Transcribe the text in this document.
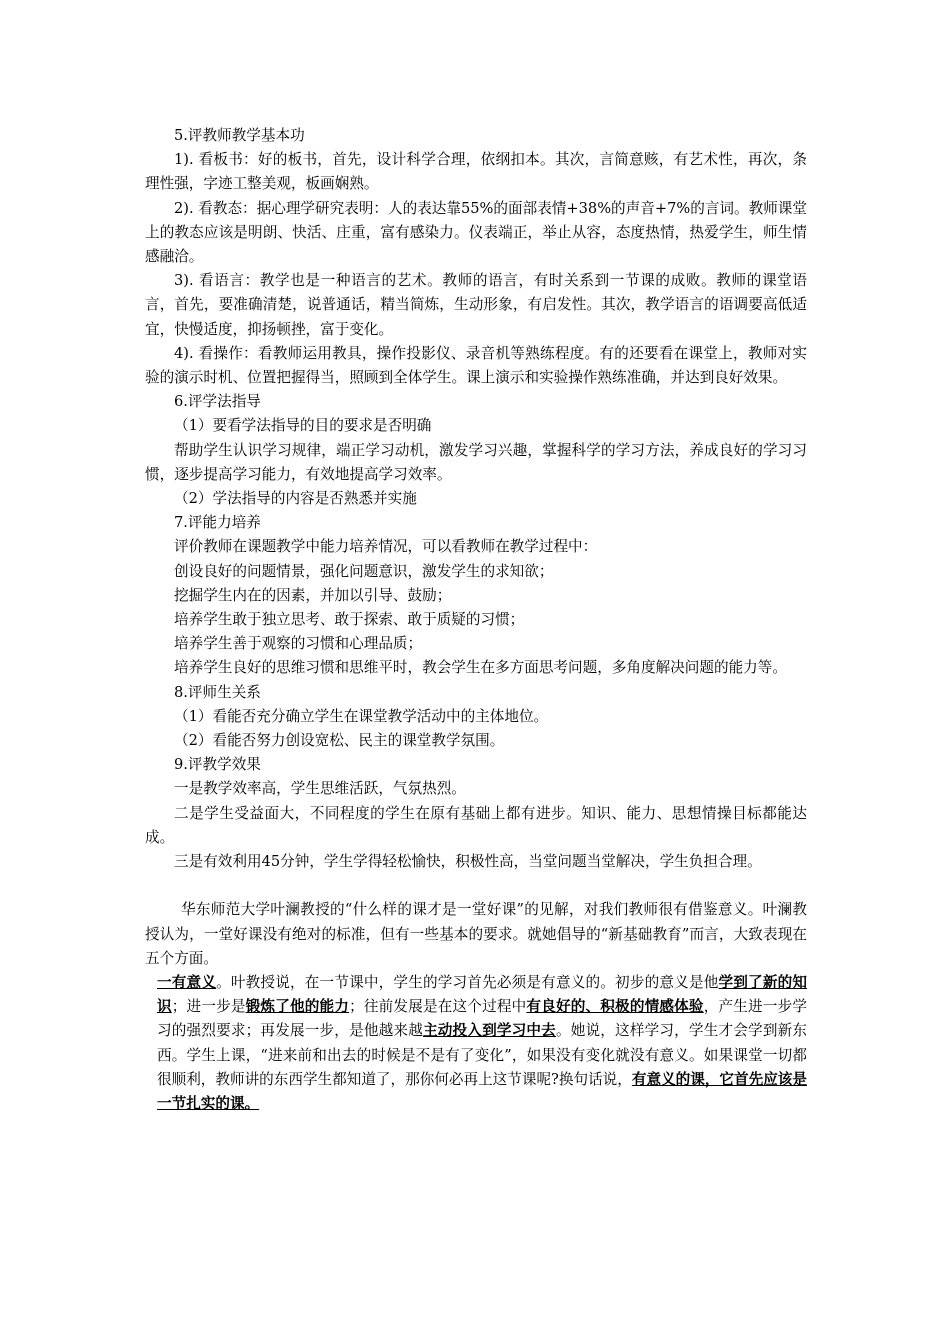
5.评教师教学基本功

1). 看板书：好的板书，首先，设计科学合理，依纲扣本。其次，言简意赅，有艺术性，再次，条理性强，字迹工整美观，板画娴熟。

2). 看教态：据心理学研究表明：人的表达靠55%的面部表情+38%的声音+7%的言词。教师课堂上的教态应该是明朗、快活、庄重，富有感染力。仪表端正，举止从容，态度热情，热爱学生，师生情感融洽。

3). 看语言：教学也是一种语言的艺术。教师的语言，有时关系到一节课的成败。教师的课堂语言，首先，要准确清楚，说普通话，精当简炼，生动形象，有启发性。其次，教学语言的语调要高低适宜，快慢适度，抑扬顿挫，富于变化。

4). 看操作：看教师运用教具，操作投影仪、录音机等熟练程度。有的还要看在课堂上，教师对实验的演示时机、位置把握得当，照顾到全体学生。课上演示和实验操作熟练准确，并达到良好效果。

6.评学法指导

（1）要看学法指导的目的要求是否明确

帮助学生认识学习规律，端正学习动机，激发学习兴趣，掌握科学的学习方法，养成良好的学习习惯，逐步提高学习能力，有效地提高学习效率。

（2）学法指导的内容是否熟悉并实施

7.评能力培养

评价教师在课题教学中能力培养情况，可以看教师在教学过程中：

创设良好的问题情景，强化问题意识，激发学生的求知欲；

挖掘学生内在的因素，并加以引导、鼓励；

培养学生敢于独立思考、敢于探索、敢于质疑的习惯；

培养学生善于观察的习惯和心理品质；

培养学生良好的思维习惯和思维平时，教会学生在多方面思考问题，多角度解决问题的能力等。

8.评师生关系

（1）看能否充分确立学生在课堂教学活动中的主体地位。

（2）看能否努力创设宽松、民主的课堂教学氛围。

9.评教学效果

一是教学效率高，学生思维活跃，气氛热烈。

二是学生受益面大，不同程度的学生在原有基础上都有进步。知识、能力、思想情操目标都能达成。

三是有效利用45分钟，学生学得轻松愉快，积极性高，当堂问题当堂解决，学生负担合理。

华东师范大学叶澜教授的“什么样的课才是一堂好课”的见解，对我们教师很有借鉴意义。叶澜教授认为，一堂好课没有绝对的标准，但有一些基本的要求。就她倡导的“新基础教育”而言，大致表现在五个方面。

一有意义。叶教授说，在一节课中，学生的学习首先必须是有意义的。初步的意义是他学到了新的知识；进一步是锻炼了他的能力；往前发展是在这个过程中有良好的、积极的情感体验，产生进一步学习的强烈要求；再发展一步，是他越来越主动投入到学习中去。她说，这样学习，学生才会学到新东西。学生上课，“进来前和出去的时候是不是有了变化”，如果没有变化就没有意义。如果课堂一切都很顺利，教师讲的东西学生都知道了，那你何必再上这节课呢?换句话说，有意义的课，它首先应该是一节扎实的课。
